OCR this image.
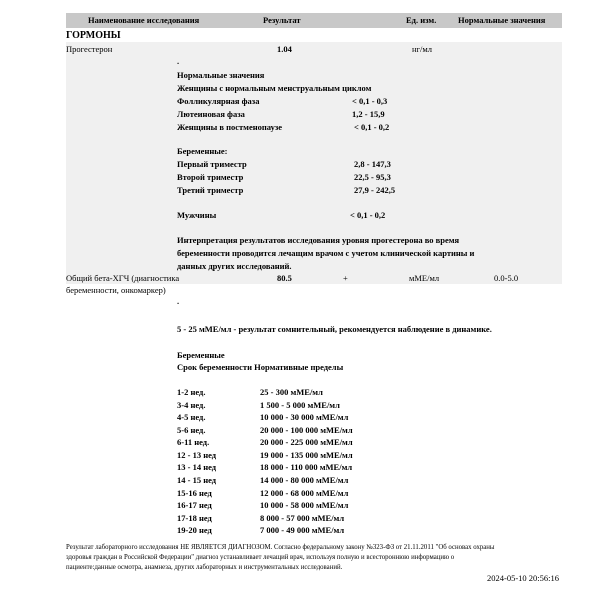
Наименование исследования	Результат	Ед. изм.	Нормальные значения
ГОРМОНЫ
Прогестерон	1.04	нг/мл
.
Нормальные значения
Женщины с нормальным менструальным циклом
Фолликулярная фаза	< 0,1 - 0,3
Лютеиновая фаза	1,2 - 15,9
Женщины в постменопаузе	< 0,1 - 0,2
Беременные:
Первый триместр	2,8 - 147,3
Второй триместр	22,5 - 95,3
Третий триместр	27,9 - 242,5
Мужчины	< 0,1 - 0,2
Интерпретация результатов исследования уровня прогестерона во время
беременности проводится лечащим врачом с учетом клинической картины и
данных других исследований.
Общий бета-ХГЧ (диагностика
беременности, онкомаркер)
80.5	+	мМЕ/мл	0.0-5.0
.
5 - 25 мМЕ/мл - результат сомнительный, рекомендуется наблюдение в динамике.
Беременные
Срок беременности Нормативные пределы
1-2 нед.	25 - 300 мМЕ/мл
3-4 нед.	1 500 - 5 000 мМЕ/мл
4-5 нед.	10 000 - 30 000 мМЕ/мл
5-6 нед.	20 000 - 100 000 мМЕ/мл
6-11 нед.	20 000 - 225 000 мМЕ/мл
12 - 13 нед	19 000 - 135 000 мМЕ/мл
13 - 14 нед	18 000 - 110 000 мМЕ/мл
14 - 15 нед	14 000 - 80 000 мМЕ/мл
15-16 нед	12 000 - 68 000 мМЕ/мл
16-17 нед	10 000 - 58 000 мМЕ/мл
17-18 нед	8 000 - 57 000 мМЕ/мл
19-20 нед	7 000 - 49 000 мМЕ/мл
Результат лабораторного исследования НЕ ЯВЛЯЕТСЯ ДИАГНОЗОМ. Согласно федеральному закону №323-ФЗ от 21.11.2011 "Об основах охраны
здоровья граждан в Российской Федерации" диагноз устанавливает лечащий врач, используя полную и всестороннюю информацию о
пациенте:данные осмотра, анамнеза, других лабораторных и инструментальных исследований.
2024-05-10 20:56:16
